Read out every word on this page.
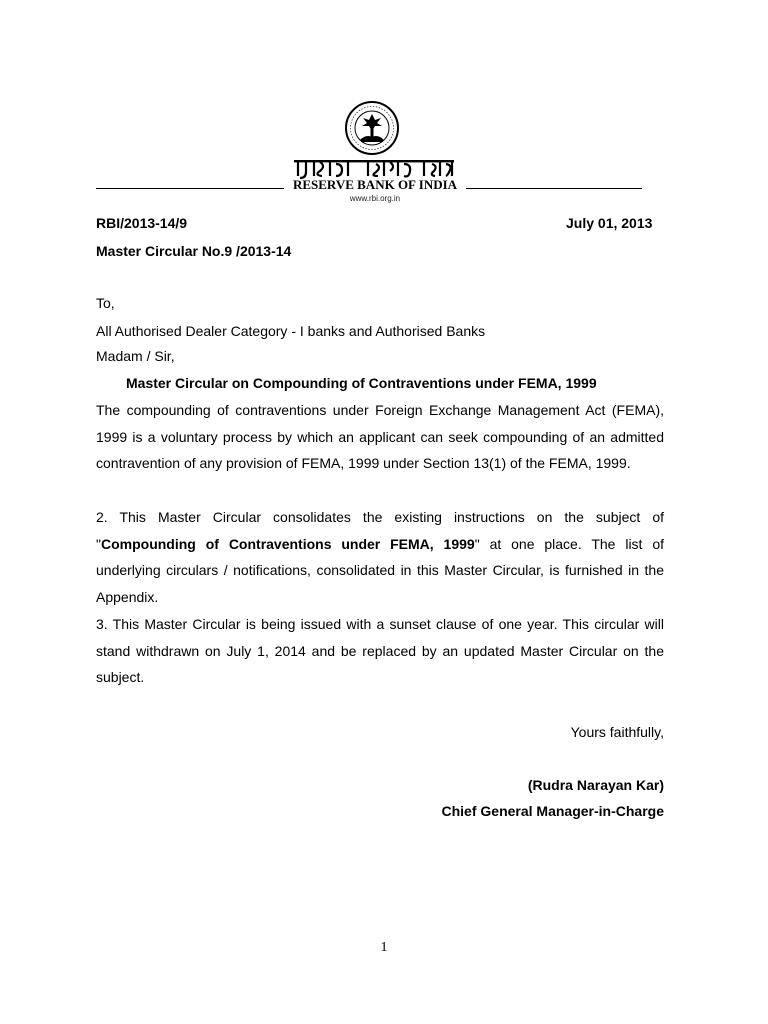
RESERVE BANK OF INDIA
www.rbi.org.in
RBI/2013-14/9	July 01, 2013
Master Circular No.9 /2013-14
To,
All Authorised Dealer Category - I banks and Authorised Banks
Madam / Sir,
Master Circular on Compounding of Contraventions under FEMA, 1999

The compounding of contraventions under Foreign Exchange Management Act (FEMA), 1999 is a voluntary process by which an applicant can seek compounding of an admitted contravention of any provision of FEMA, 1999 under Section 13(1) of the FEMA, 1999.

2. This Master Circular consolidates the existing instructions on the subject of "Compounding of Contraventions under FEMA, 1999" at one place. The list of underlying circulars / notifications, consolidated in this Master Circular, is furnished in the Appendix.

3. This Master Circular is being issued with a sunset clause of one year. This circular will stand withdrawn on July 1, 2014 and be replaced by an updated Master Circular on the subject.

Yours faithfully,
(Rudra Narayan Kar)
Chief General Manager-in-Charge
1
